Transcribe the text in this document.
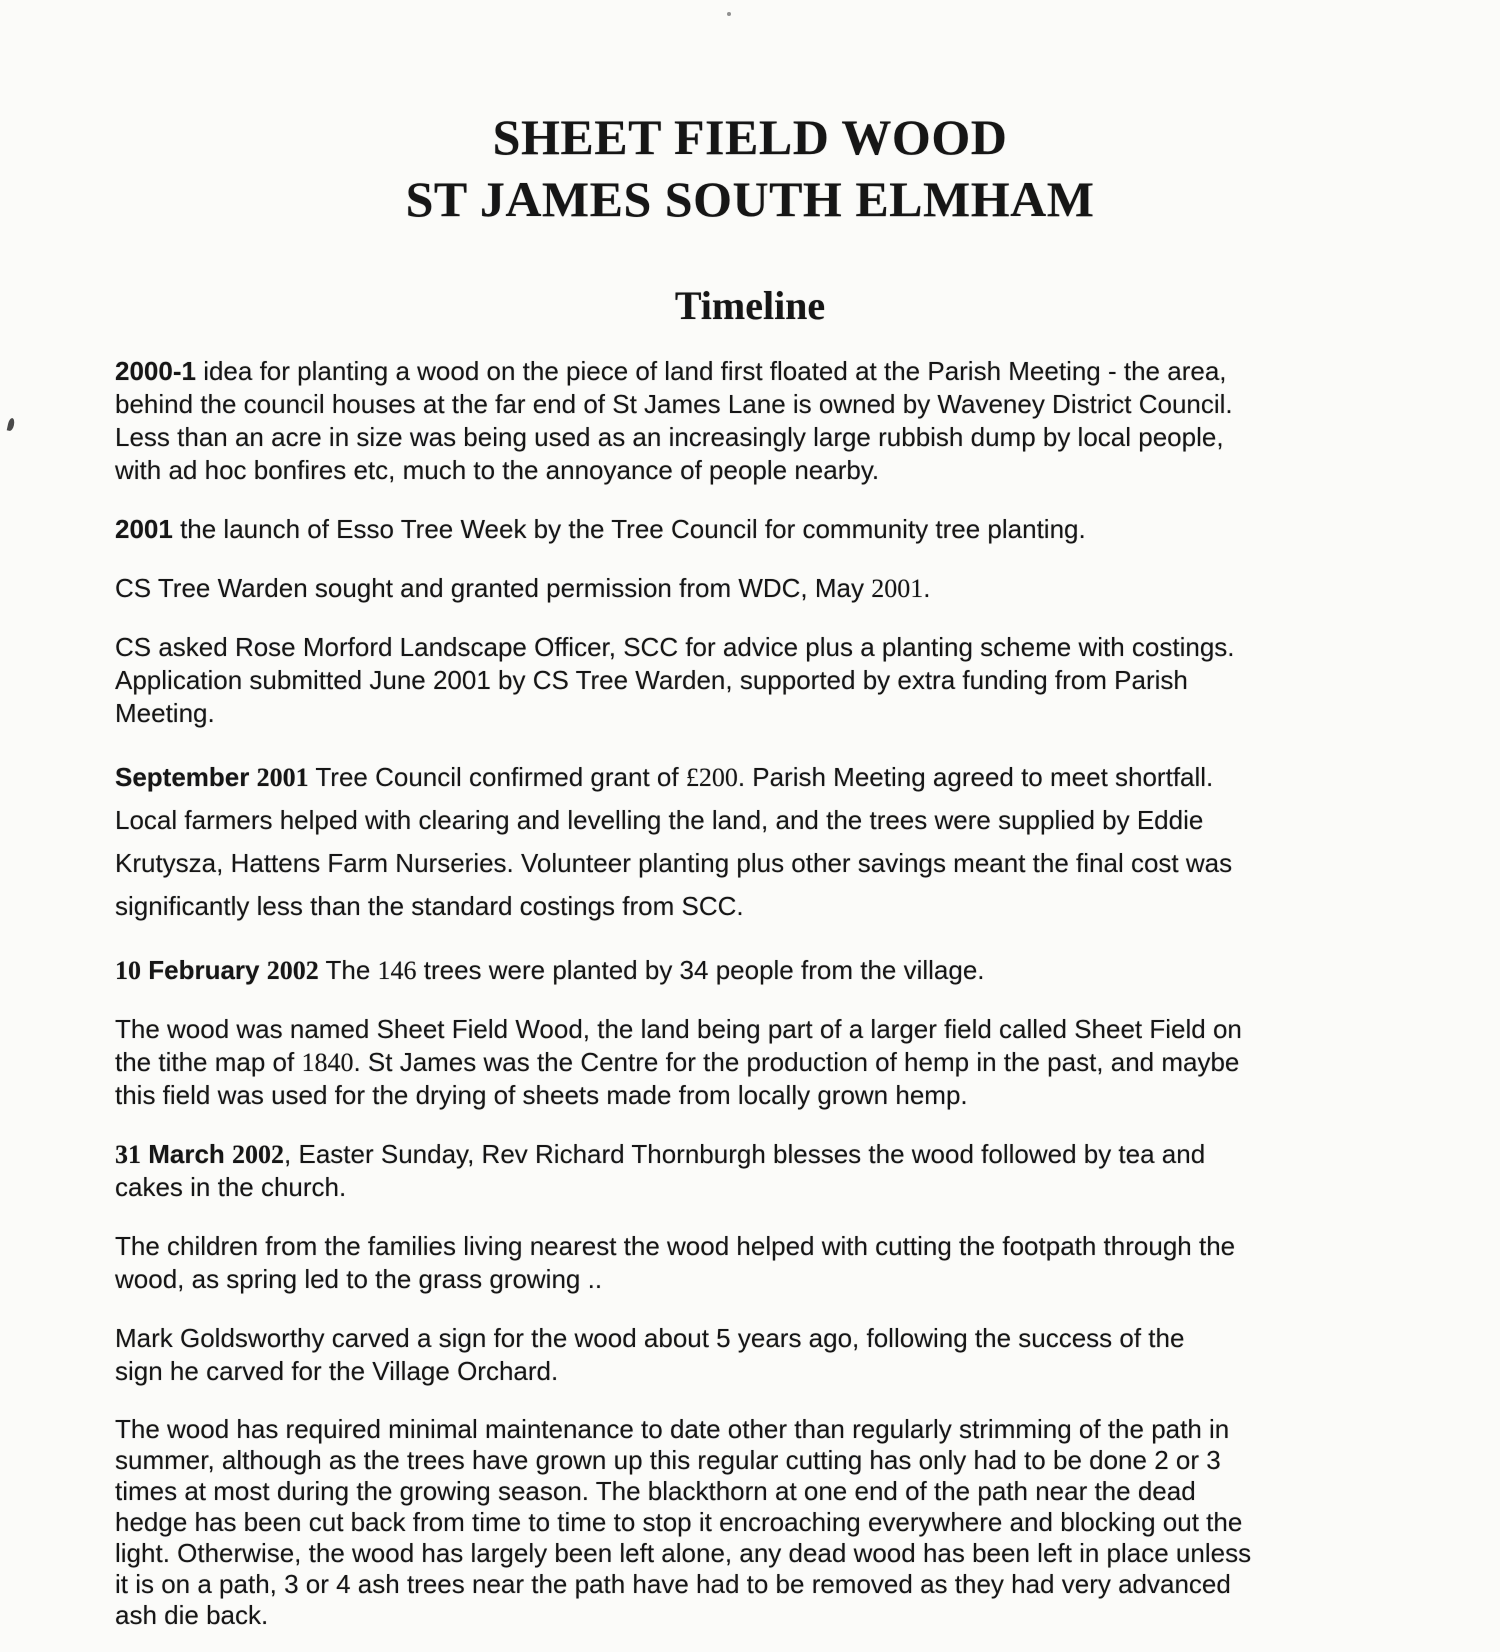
SHEET FIELD WOOD
ST JAMES SOUTH ELMHAM
Timeline

2000-1 idea for planting a wood on the piece of land first floated at the Parish Meeting - the area,
behind the council houses at the far end of St James Lane is owned by Waveney District Council.
Less than an acre in size was being used as an increasingly large rubbish dump by local people,
with ad hoc bonfires etc, much to the annoyance of people nearby.

2001 the launch of Esso Tree Week by the Tree Council for community tree planting.

CS Tree Warden sought and granted permission from WDC, May 2001.

CS asked Rose Morford Landscape Officer, SCC for advice plus a planting scheme with costings.
Application submitted June 2001 by CS Tree Warden, supported by extra funding from Parish
Meeting.

September 2001 Tree Council confirmed grant of £200. Parish Meeting agreed to meet shortfall.
Local farmers helped with clearing and levelling the land, and the trees were supplied by Eddie
Krutysza, Hattens Farm Nurseries. Volunteer planting plus other savings meant the final cost was
significantly less than the standard costings from SCC.

10 February 2002 The 146 trees were planted by 34 people from the village.

The wood was named Sheet Field Wood, the land being part of a larger field called Sheet Field on
the tithe map of 1840. St James was the Centre for the production of hemp in the past, and maybe
this field was used for the drying of sheets made from locally grown hemp.

31 March 2002, Easter Sunday, Rev Richard Thornburgh blesses the wood followed by tea and
cakes in the church.

The children from the families living nearest the wood helped with cutting the footpath through the
wood, as spring led to the grass growing ..

Mark Goldsworthy carved a sign for the wood about 5 years ago, following the success of the
sign he carved for the Village Orchard.

The wood has required minimal maintenance to date other than regularly strimming of the path in
summer, although as the trees have grown up this regular cutting has only had to be done 2 or 3
times at most during the growing season. The blackthorn at one end of the path near the dead
hedge has been cut back from time to time to stop it encroaching everywhere and blocking out the
light. Otherwise, the wood has largely been left alone, any dead wood has been left in place unless
it is on a path, 3 or 4 ash trees near the path have had to be removed as they had very advanced
ash die back.
